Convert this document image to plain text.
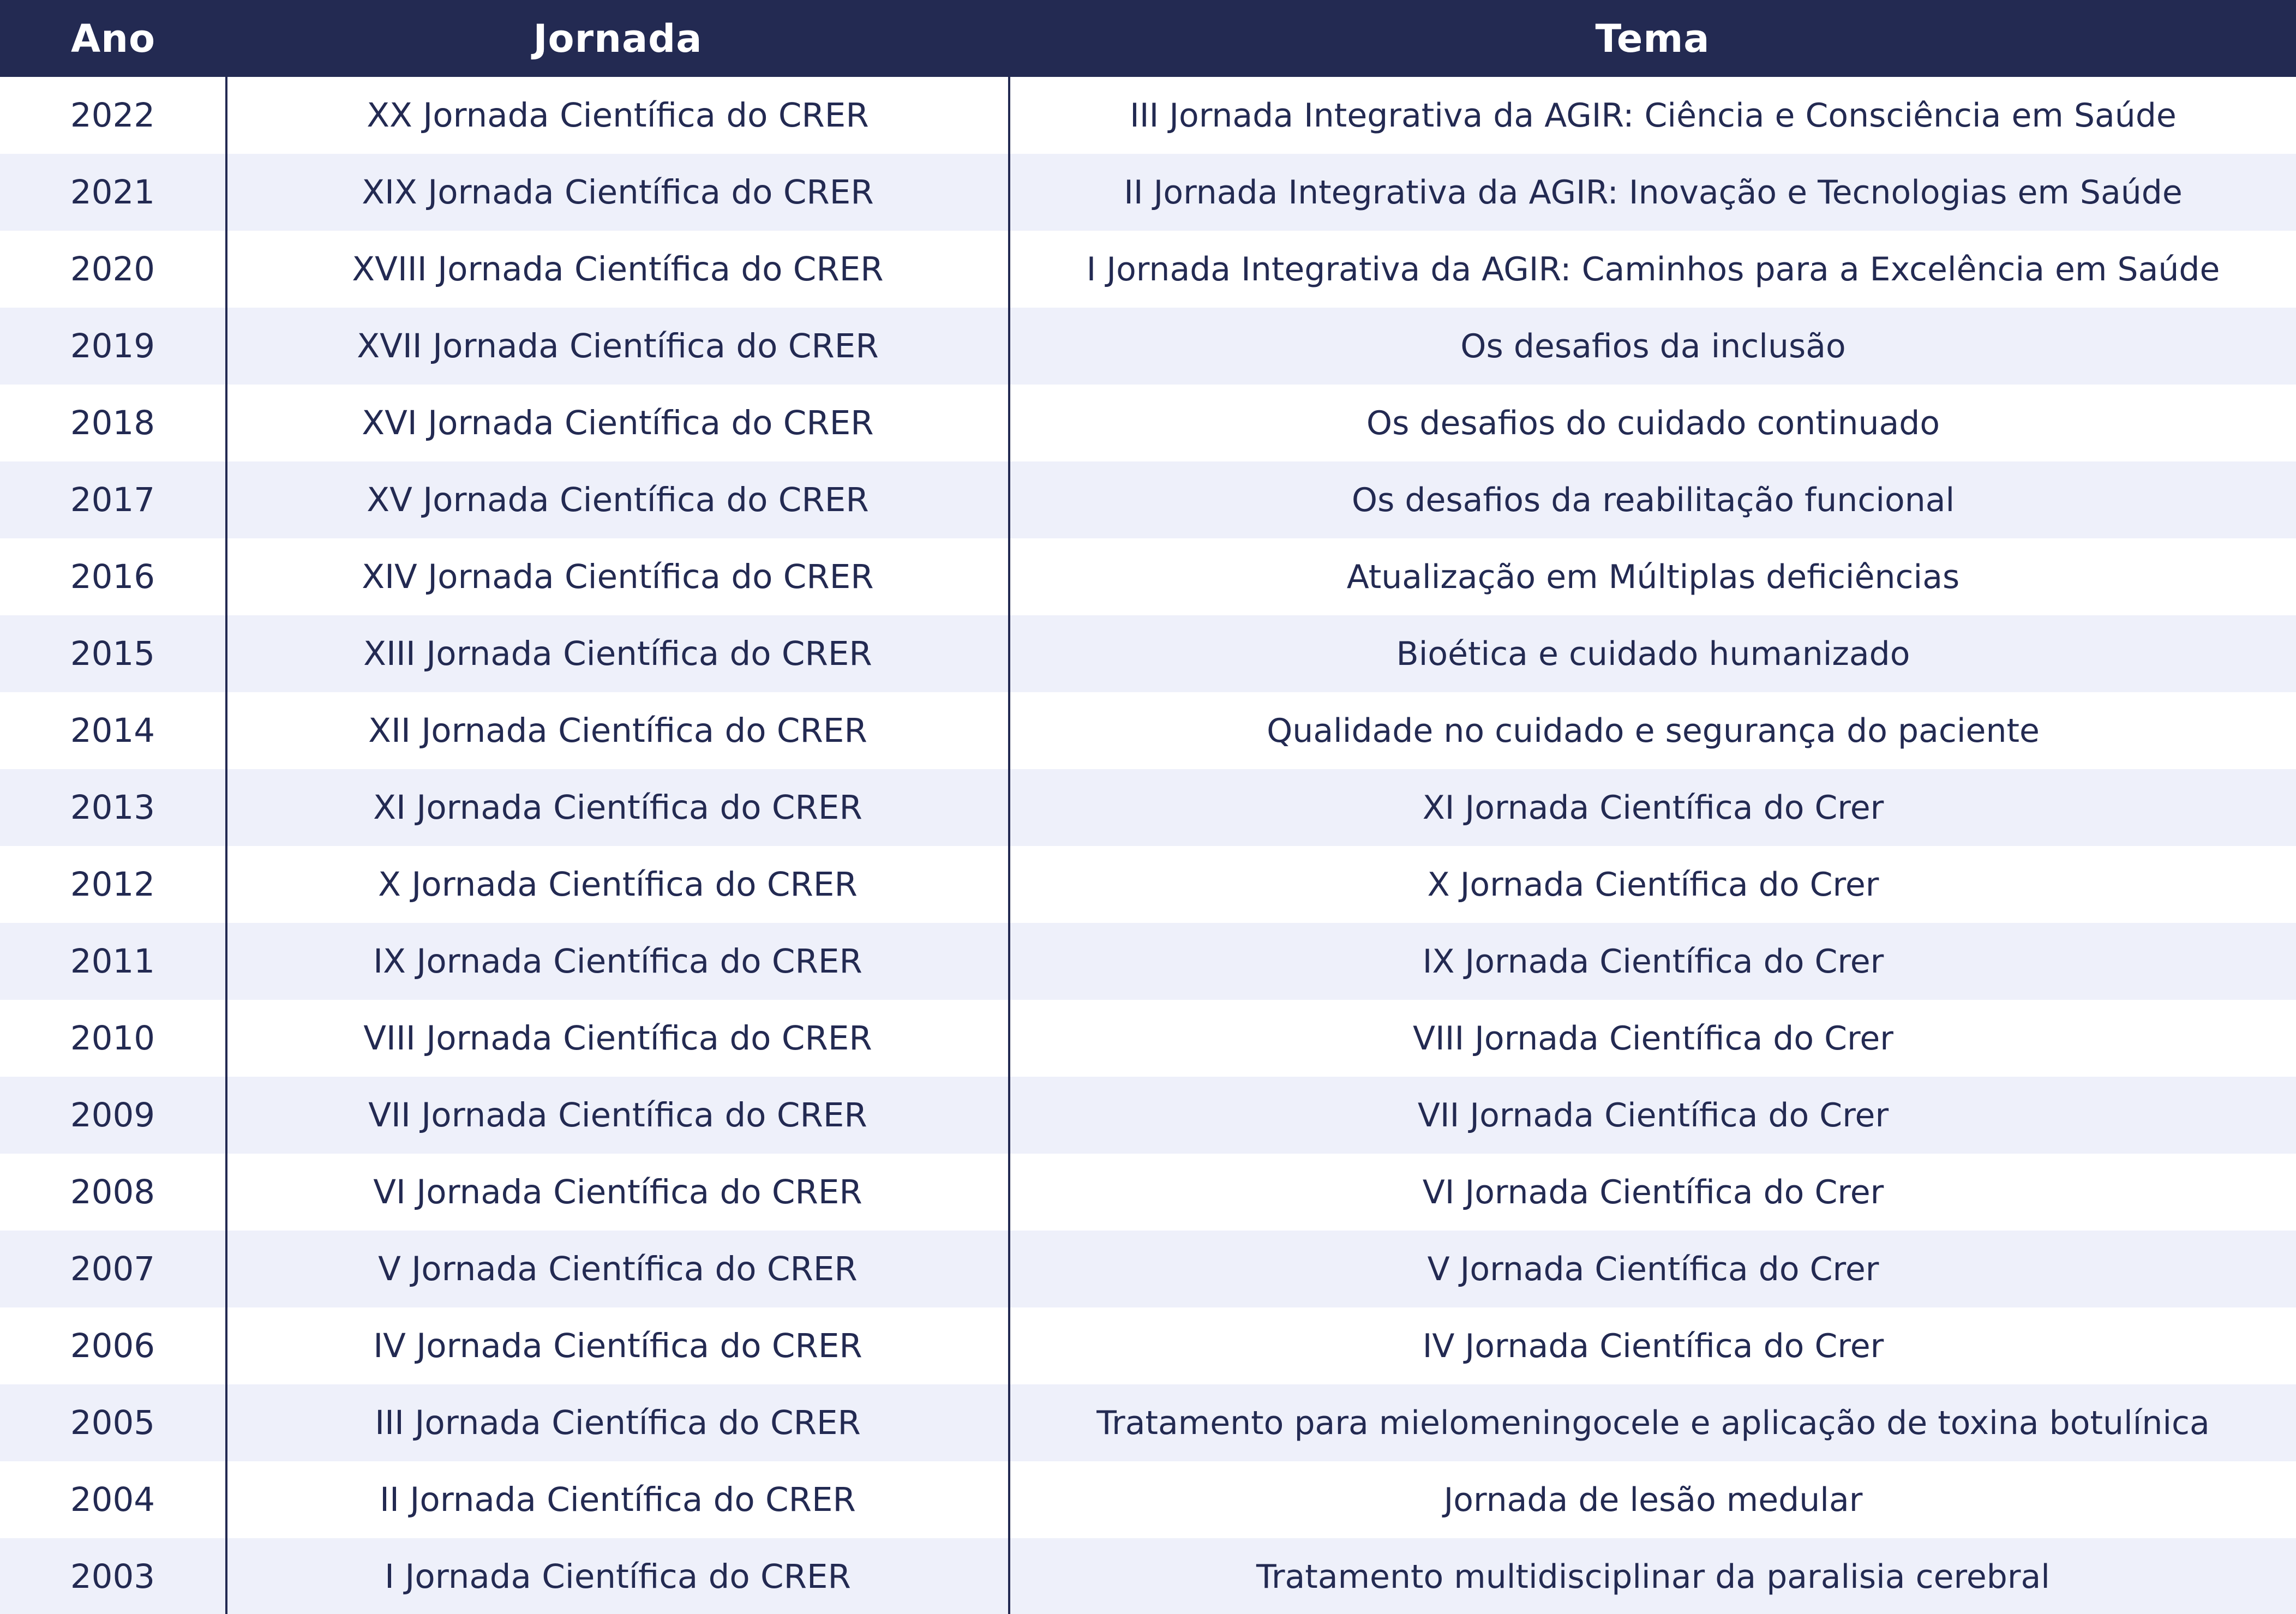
Ano	Jornada	Tema
2022	XX Jornada Científica do CRER	III Jornada Integrativa da AGIR: Ciência e Consciência em Saúde
2021	XIX Jornada Científica do CRER	II Jornada Integrativa da AGIR: Inovação e Tecnologias em Saúde
2020	XVIII Jornada Científica do CRER	I Jornada Integrativa da AGIR: Caminhos para a Excelência em Saúde
2019	XVII Jornada Científica do CRER	Os desafios da inclusão
2018	XVI Jornada Científica do CRER	Os desafios do cuidado continuado
2017	XV Jornada Científica do CRER	Os desafios da reabilitação funcional
2016	XIV Jornada Científica do CRER	Atualização em Múltiplas deficiências
2015	XIII Jornada Científica do CRER	Bioética e cuidado humanizado
2014	XII Jornada Científica do CRER	Qualidade no cuidado e segurança do paciente
2013	XI Jornada Científica do CRER	XI Jornada Científica do Crer
2012	X Jornada Científica do CRER	X Jornada Científica do Crer
2011	IX Jornada Científica do CRER	IX Jornada Científica do Crer
2010	VIII Jornada Científica do CRER	VIII Jornada Científica do Crer
2009	VII Jornada Científica do CRER	VII Jornada Científica do Crer
2008	VI Jornada Científica do CRER	VI Jornada Científica do Crer
2007	V Jornada Científica do CRER	V Jornada Científica do Crer
2006	IV Jornada Científica do CRER	IV Jornada Científica do Crer
2005	III Jornada Científica do CRER	Tratamento para mielomeningocele e aplicação de toxina botulínica
2004	II Jornada Científica do CRER	Jornada de lesão medular
2003	I Jornada Científica do CRER	Tratamento multidisciplinar da paralisia cerebral
